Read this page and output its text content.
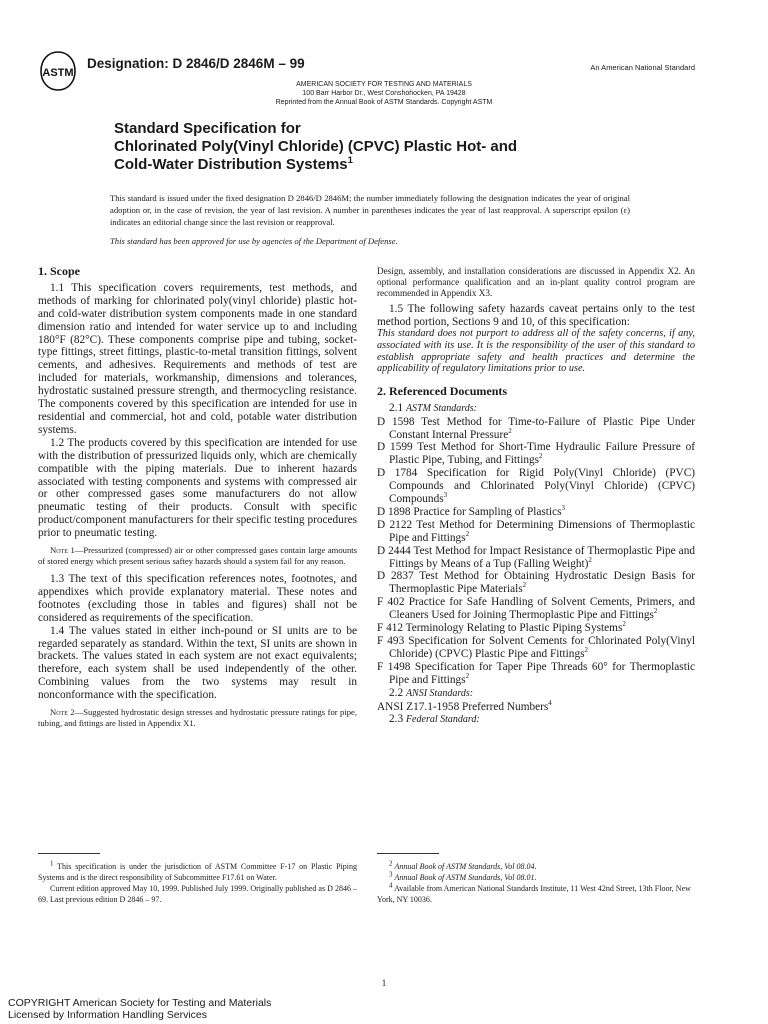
ASTM
Designation: D 2846/D 2846M – 99	An American National Standard
AMERICAN SOCIETY FOR TESTING AND MATERIALS
100 Barr Harbor Dr., West Conshohocken, PA 19428
Reprinted from the Annual Book of ASTM Standards. Copyright ASTM
Standard Specification for
Chlorinated Poly(Vinyl Chloride) (CPVC) Plastic Hot- and
Cold-Water Distribution Systems$^1$
This standard is issued under the fixed designation D 2846/D 2846M; the number immediately following the designation indicates the year of original adoption or, in the case of revision, the year of last revision. A number in parentheses indicates the year of last reapproval. A superscript epsilon (ε) indicates an editorial change since the last revision or reapproval.
This standard has been approved for use by agencies of the Department of Defense.

1. Scope

1.1 This specification covers requirements, test methods, and methods of marking for chlorinated poly(vinyl chloride) plastic hot- and cold-water distribution system components made in one standard dimension ratio and intended for water service up to and including 180°F (82°C). These components comprise pipe and tubing, socket-type fittings, street fittings, plastic-to-metal transition fittings, solvent cements, and adhesives. Requirements and methods of test are included for materials, workmanship, dimensions and tolerances, hydrostatic sustained pressure strength, and thermocycling resistance. The components covered by this specification are intended for use in residential and commercial, hot and cold, potable water distribution systems.

1.2 The products covered by this specification are intended for use with the distribution of pressurized liquids only, which are chemically compatible with the piping materials. Due to inherent hazards associated with testing components and systems with compressed air or other compressed gases some manufacturers do not allow pneumatic testing of their products. Consult with specific product/component manufacturers for their specific testing procedures prior to pneumatic testing.

Note 1—Pressurized (compressed) air or other compressed gases contain large amounts of stored energy which present serious saftey hazards should a system fail for any reason.

1.3 The text of this specification references notes, footnotes, and appendixes which provide explanatory material. These notes and footnotes (excluding those in tables and figures) shall not be considered as requirements of the specification.

1.4 The values stated in either inch-pound or SI units are to be regarded separately as standard. Within the text, SI units are shown in brackets. The values stated in each system are not exact equivalents; therefore, each system shall be used independently of the other. Combining values from the two systems may result in nonconformance with the specification.

Note 2—Suggested hydrostatic design stresses and hydrostatic pressure ratings for pipe, tubing, and fittings are listed in Appendix X1.

Design, assembly, and installation considerations are discussed in Appendix X2. An optional performance qualification and an in-plant quality control program are recommended in Appendix X3.

1.5 The following safety hazards caveat pertains only to the test method portion, Sections 9 and 10, of this specification:

This standard does not purport to address all of the safety concerns, if any, associated with its use. It is the responsibility of the user of this standard to establish appropriate safety and health practices and determine the applicability of regulatory limitations prior to use.

2. Referenced Documents

2.1 ASTM Standards:

D 1598 Test Method for Time-to-Failure of Plastic Pipe Under Constant Internal Pressure$^2$

D 1599 Test Method for Short-Time Hydraulic Failure Pressure of Plastic Pipe, Tubing, and Fittings$^2$

D 1784 Specification for Rigid Poly(Vinyl Chloride) (PVC) Compounds and Chlorinated Poly(Vinyl Chloride) (CPVC) Compounds$^3$

D 1898 Practice for Sampling of Plastics$^3$

D 2122 Test Method for Determining Dimensions of Thermoplastic Pipe and Fittings$^2$

D 2444 Test Method for Impact Resistance of Thermoplastic Pipe and Fittings by Means of a Tup (Falling Weight)$^2$

D 2837 Test Method for Obtaining Hydrostatic Design Basis for Thermoplastic Pipe Materials$^2$

F 402 Practice for Safe Handling of Solvent Cements, Primers, and Cleaners Used for Joining Thermoplastic Pipe and Fittings$^2$

F 412 Terminology Relating to Plastic Piping Systems$^2$

F 493 Specification for Solvent Cements for Chlorinated Poly(Vinyl Chloride) (CPVC) Plastic Pipe and Fittings$^2$

F 1498 Specification for Taper Pipe Threads 60° for Thermoplastic Pipe and Fittings$^2$

2.2 ANSI Standards:

ANSI Z17.1-1958 Preferred Numbers$^4$

2.3 Federal Standard:

$^1$ This specification is under the jurisdiction of ASTM Committee F-17 on Plastic Piping Systems and is the direct responsibility of Subcommittee F17.61 on Water.

Current edition approved May 10, 1999. Published July 1999. Originally published as D 2846 – 69. Last previous edition D 2846 – 97.

$^2$ Annual Book of ASTM Standards, Vol 08.04.

$^3$ Annual Book of ASTM Standards, Vol 08.01.

$^4$ Available from American National Standards Institute, 11 West 42nd Street, 13th Floor, New York, NY 10036.

1
COPYRIGHT American Society for Testing and Materials
Licensed by Information Handling Services
